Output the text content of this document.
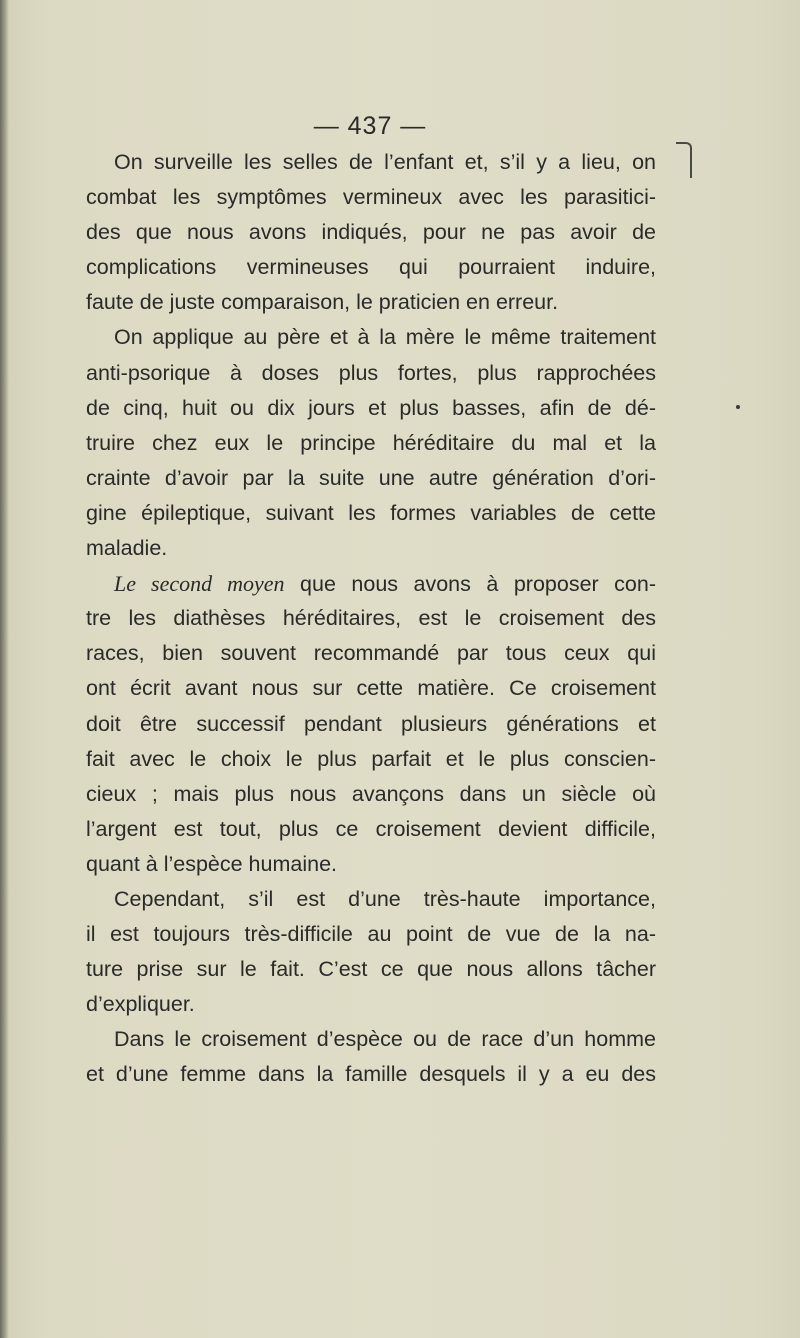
— 437 —
On surveille les selles de l’enfant et, s’il y a lieu, on
combat les symptômes vermineux avec les parasitici-
des que nous avons indiqués, pour ne pas avoir de
complications vermineuses qui pourraient induire,
faute de juste comparaison, le praticien en erreur.
On applique au père et à la mère le même traitement
anti-psorique à doses plus fortes, plus rapprochées
de cinq, huit ou dix jours et plus basses, afin de dé-
truire chez eux le principe héréditaire du mal et la
crainte d’avoir par la suite une autre génération d’ori-
gine épileptique, suivant les formes variables de cette
maladie.
Le second moyen que nous avons à proposer con-
tre les diathèses héréditaires, est le croisement des
races, bien souvent recommandé par tous ceux qui
ont écrit avant nous sur cette matière. Ce croisement
doit être successif pendant plusieurs générations et
fait avec le choix le plus parfait et le plus conscien-
cieux ; mais plus nous avançons dans un siècle où
l’argent est tout, plus ce croisement devient difficile,
quant à l’espèce humaine.
Cependant, s’il est d’une très-haute importance,
il est toujours très-difficile au point de vue de la na-
ture prise sur le fait. C’est ce que nous allons tâcher
d’expliquer.
Dans le croisement d’espèce ou de race d’un homme
et d’une femme dans la famille desquels il y a eu des
